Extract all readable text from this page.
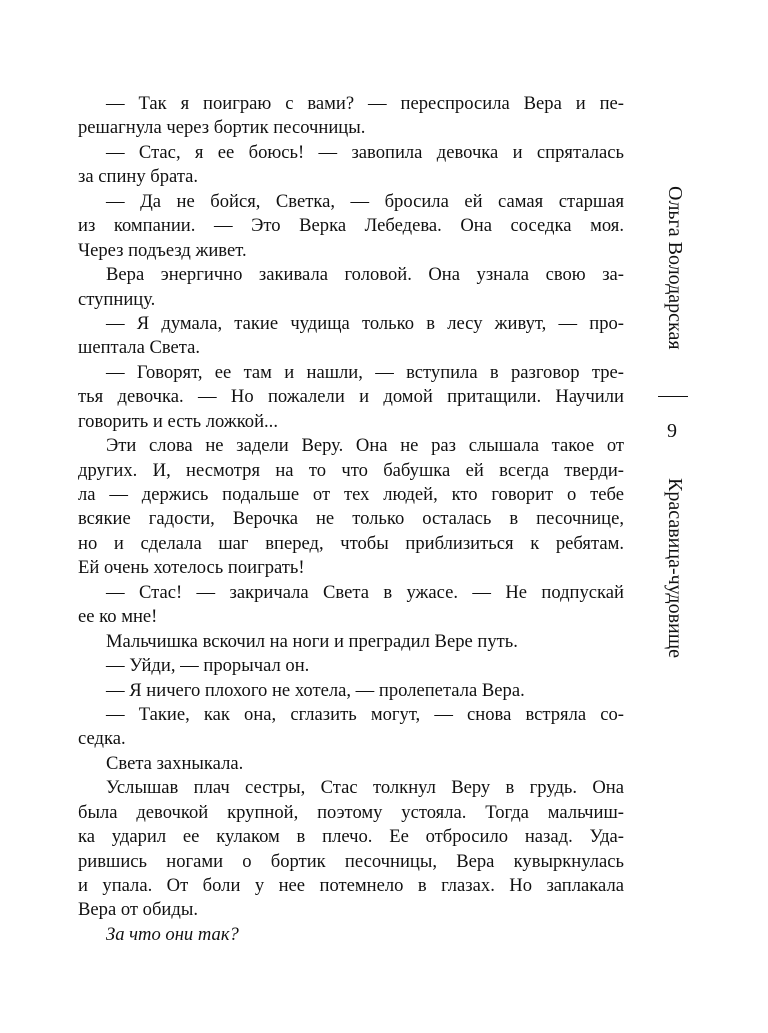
— Так я поиграю с вами? — переспросила Вера и пе-
решагнула через бортик песочницы.
— Стас, я ее боюсь! — завопила девочка и спряталась
за спину брата.
— Да не бойся, Светка, — бросила ей самая старшая
из компании. — Это Верка Лебедева. Она соседка моя.
Через подъезд живет.
Вера энергично закивала головой. Она узнала свою за-
ступницу.
— Я думала, такие чудища только в лесу живут, — про-
шептала Света.
— Говорят, ее там и нашли, — вступила в разговор тре-
тья девочка. — Но пожалели и домой притащили. Научили
говорить и есть ложкой...
Эти слова не задели Веру. Она не раз слышала такое от
других. И, несмотря на то что бабушка ей всегда тверди-
ла — держись подальше от тех людей, кто говорит о тебе
всякие гадости, Верочка не только осталась в песочнице,
но и сделала шаг вперед, чтобы приблизиться к ребятам.
Ей очень хотелось поиграть!
— Стас! — закричала Света в ужасе. — Не подпускай
ее ко мне!
Мальчишка вскочил на ноги и преградил Вере путь.
— Уйди, — прорычал он.
— Я ничего плохого не хотела, — пролепетала Вера.
— Такие, как она, сглазить могут, — снова встряла со-
седка.
Света захныкала.
Услышав плач сестры, Стас толкнул Веру в грудь. Она
была девочкой крупной, поэтому устояла. Тогда мальчиш-
ка ударил ее кулаком в плечо. Ее отбросило назад. Уда-
рившись ногами о бортик песочницы, Вера кувыркнулась
и упала. От боли у нее потемнело в глазах. Но заплакала
Вера от обиды.
За что они так?
Ольга Володарская
Красавица-чудовище
9
